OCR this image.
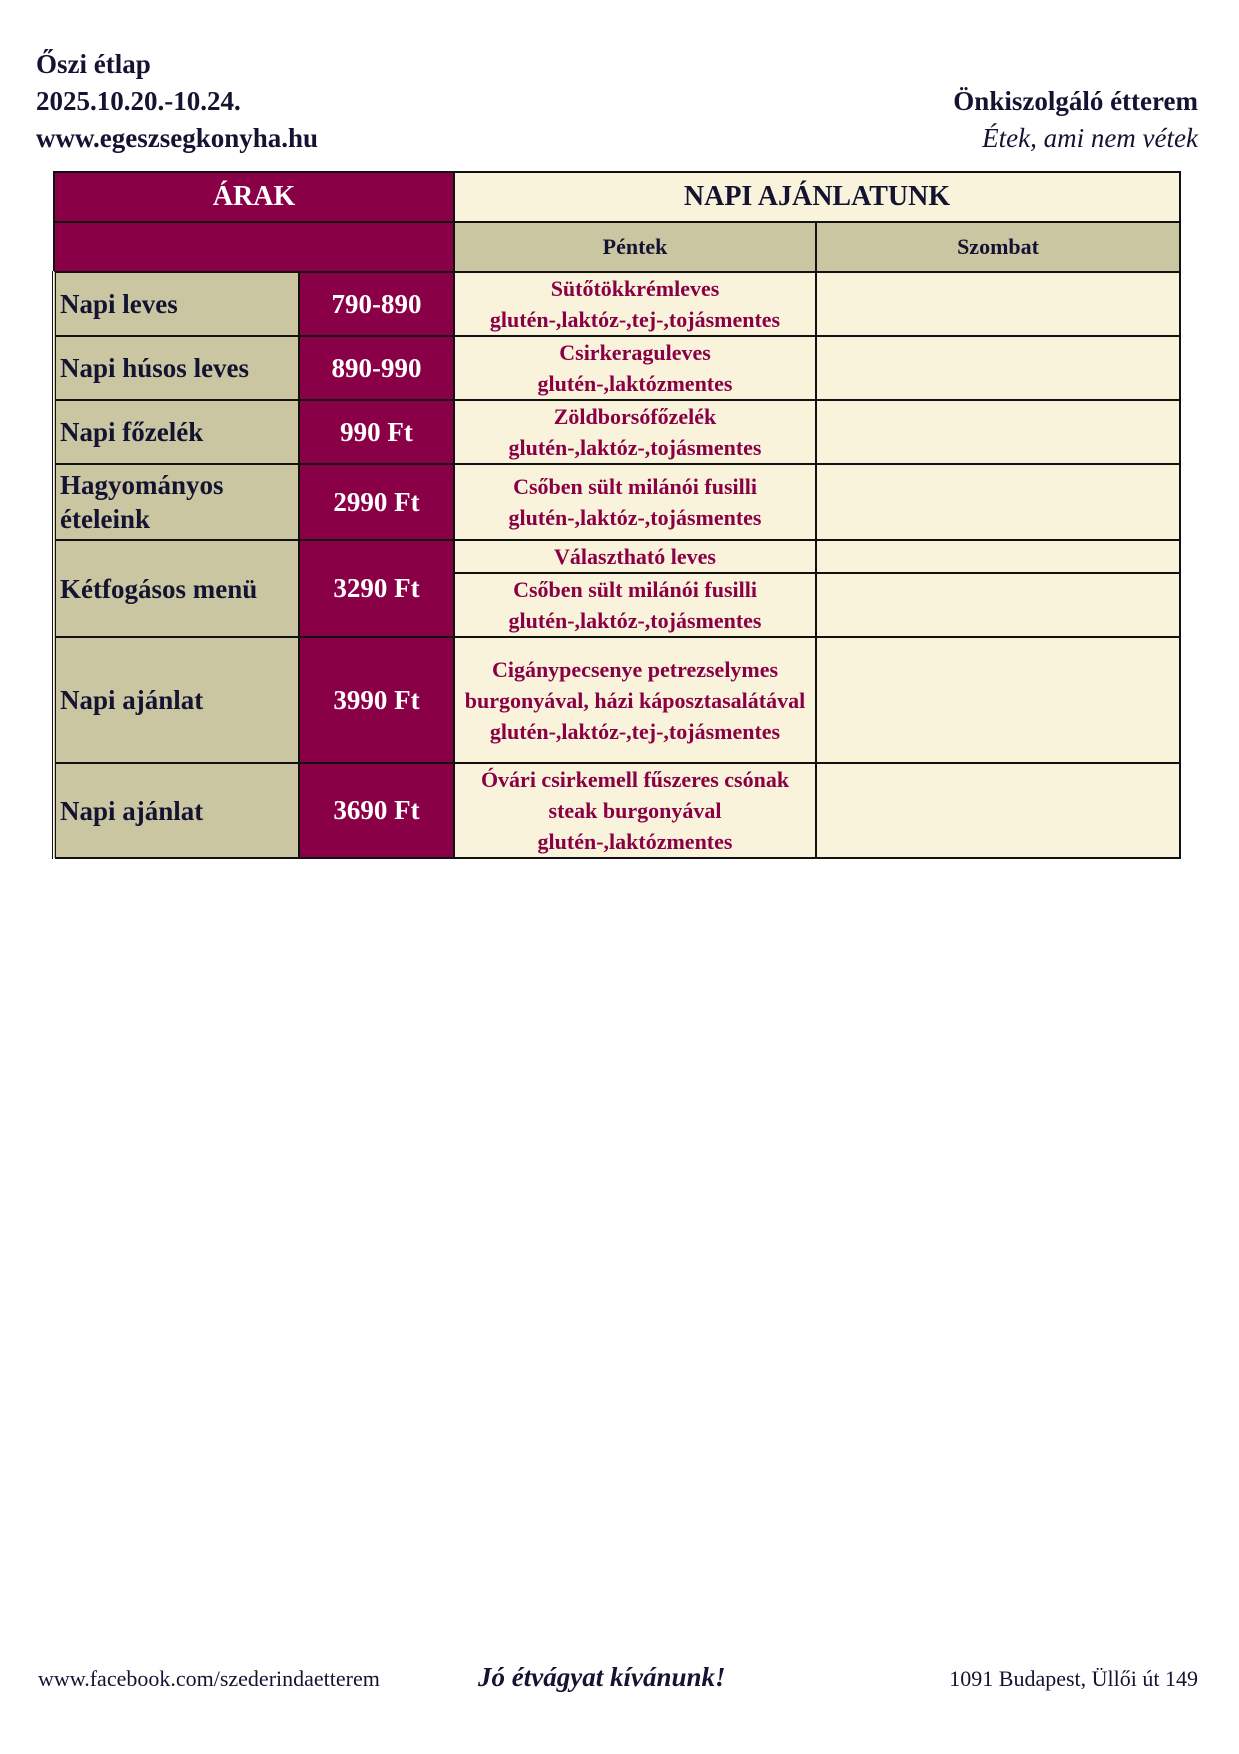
Őszi étlap
2025.10.20.-10.24.
www.egeszsegkonyha.hu
Önkiszolgáló étterem
Étek, ami nem vétek
ÁRAK		NAPI AJÁNLATUNK	
		Péntek	Szombat
Napi leves	790-890	Sütőtökkrémleves
glutén-,laktóz-,tej-,tojásmentes	

Napi húsos leves	890-990	Csirkeraguleves
glutén-,laktózmentes	

Napi főzelék	990 Ft	Zöldborsófőzelék
glutén-,laktóz-,tojásmentes	

Hagyományos ételeink	2990 Ft	Csőben sült milánói fusilli
glutén-,laktóz-,tojásmentes	

Kétfogásos menü	3290 Ft	Választható leves	

		Csőben sült milánói fusilli
glutén-,laktóz-,tojásmentes	

Napi ajánlat	3990 Ft	Cigánypecsenye petrezselymes
burgonyával, házi káposztasalátával
glutén-,laktóz-,tej-,tojásmentes	

Napi ajánlat	3690 Ft	Óvári csirkemell fűszeres csónak
steak burgonyával
glutén-,laktózmentes	

www.facebook.com/szederindaetterem	Jó étvágyat kívánunk!	1091 Budapest, Üllői út 149
